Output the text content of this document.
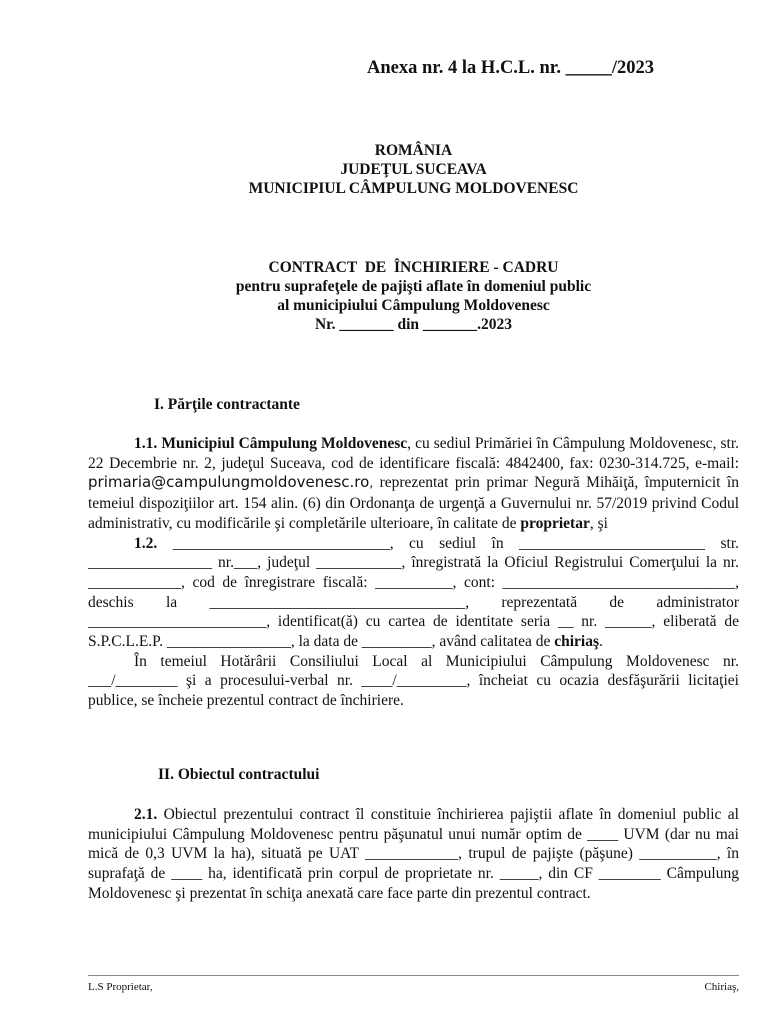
Anexa nr. 4 la H.C.L. nr. _____/2023
ROMÂNIA
JUDEŢUL SUCEAVA
MUNICIPIUL CÂMPULUNG MOLDOVENESC
CONTRACT  DE  ÎNCHIRIERE - CADRU
pentru suprafeţele de pajişti aflate în domeniul public
al municipiului Câmpulung Moldovenesc
Nr. _______ din _______.2023
I. Părţile contractante

1.1. Municipiul Câmpulung Moldovenesc, cu sediul Primăriei în Câmpulung Moldovenesc, str. 22 Decembrie nr. 2, judeţul Suceava, cod de identificare fiscală: 4842400, fax: 0230-314.725, e-mail: primaria@campulungmoldovenesc.ro, reprezentat prin primar Negură Mihăiţă, împuternicit în temeiul dispoziţiilor art. 154 alin. (6) din Ordonanţa de urgenţă a Guvernului nr. 57/2019 privind Codul administrativ, cu modificările şi completările ulterioare, în calitate de proprietar, şi

1.2. ____________________________, cu sediul în ________________________ str. ________________ nr.___, judeţul ___________, înregistrată la Oficiul Registrului Comerţului la nr. ____________, cod de înregistrare fiscală: __________, cont: ______________________________, deschis la _________________________________, reprezentată de administrator _______________________, identificat(ă) cu cartea de identitate seria __ nr. ______, eliberată de S.P.C.L.E.P. ________________, la data de _________, având calitatea de chiriaş.

În temeiul Hotărârii Consiliului Local al Municipiului Câmpulung Moldovenesc nr. ___/________ şi a procesului-verbal nr. ____/_________, încheiat cu ocazia desfăşurării licitaţiei publice, se încheie prezentul contract de închiriere.

II. Obiectul contractului

2.1. Obiectul prezentului contract îl constituie închirierea pajiştii aflate în domeniul public al municipiului Câmpulung Moldovenesc pentru păşunatul unui număr optim de ____ UVM (dar nu mai mică de 0,3 UVM la ha), situată pe UAT ____________, trupul de pajişte (păşune) __________, în suprafaţă de ____ ha, identificată prin corpul de proprietate nr. _____, din CF ________ Câmpulung Moldovenesc şi prezentat în schiţa anexată care face parte din prezentul contract.

L.S Proprietar,	Chiriaş,
